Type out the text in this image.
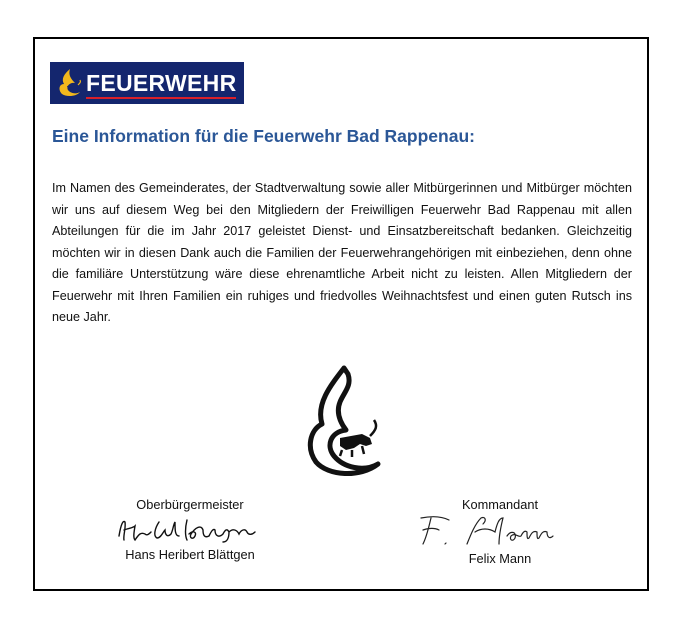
FEUERWEHR
Eine Information für die Feuerwehr Bad Rappenau:

Im Namen des Gemeinderates, der Stadtverwaltung sowie aller Mitbürgerinnen und Mitbürger möchten wir uns auf diesem Weg bei den Mitgliedern der Freiwilligen Feuerwehr Bad Rappenau mit allen Abteilungen für die im Jahr 2017 geleistet Dienst- und Einsatzbereitschaft bedanken. Gleichzeitig möchten wir in diesen Dank auch die Familien der Feuerwehrangehörigen mit einbeziehen, denn ohne die familiäre Unterstützung wäre diese ehrenamtliche Arbeit nicht zu leisten. Allen Mitgliedern der Feuerwehr mit Ihren Familien ein ruhiges und friedvolles Weihnachtsfest und einen guten Rutsch ins neue Jahr.

Oberbürgermeister
Hans Heribert Blättgen
Kommandant
Felix Mann
